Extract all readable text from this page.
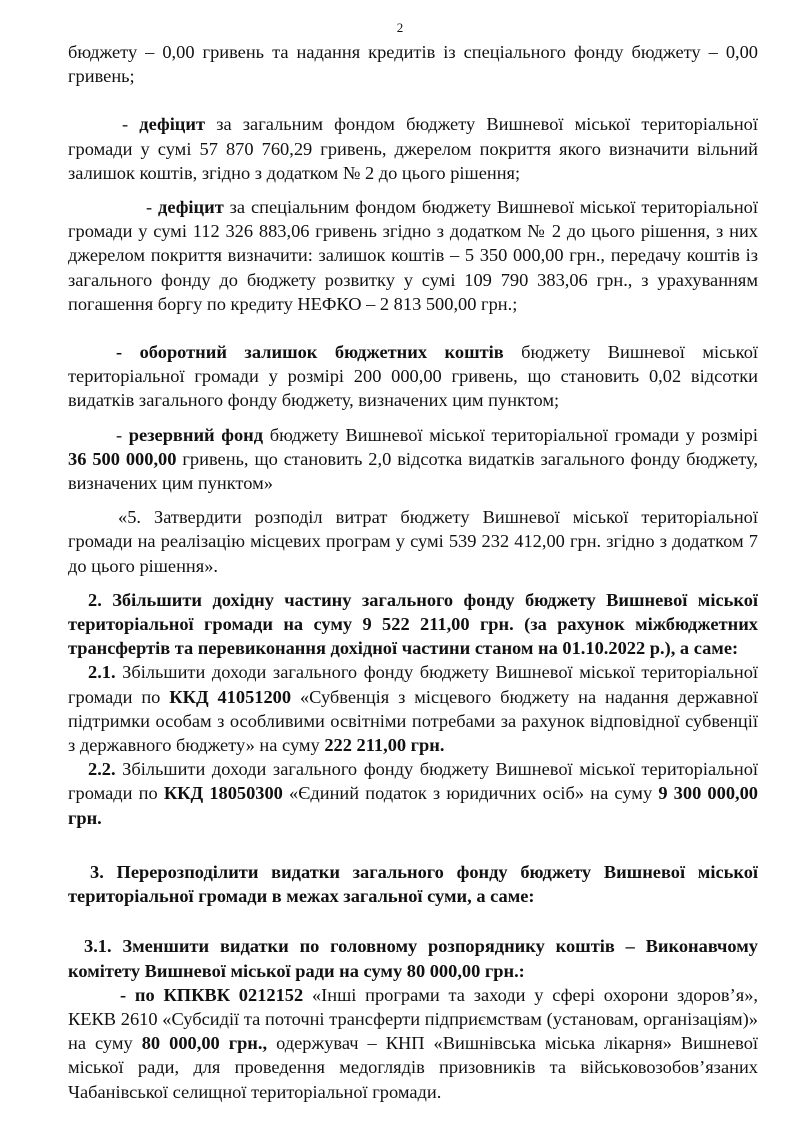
2

бюджету – 0,00 гривень та надання кредитів із спеціального фонду бюджету – 0,00 гривень;

- дефіцит за загальним фондом бюджету Вишневої міської територіальної громади у сумі 57 870 760,29 гривень, джерелом покриття якого визначити вільний залишок коштів, згідно з додатком № 2 до цього рішення;

- дефіцит за спеціальним фондом бюджету Вишневої міської територіальної громади у сумі 112 326 883,06 гривень згідно з додатком № 2 до цього рішення, з них джерелом покриття визначити: залишок коштів – 5 350 000,00 грн., передачу коштів із загального фонду до бюджету розвитку у сумі 109 790 383,06 грн., з урахуванням погашення боргу по кредиту НЕФКО – 2 813 500,00 грн.;

- оборотний залишок бюджетних коштів бюджету Вишневої міської територіальної громади у розмірі 200 000,00 гривень, що становить 0,02 відсотки видатків загального фонду бюджету, визначених цим пунктом;

- резервний фонд бюджету Вишневої міської територіальної громади у розмірі 36 500 000,00 гривень, що становить 2,0 відсотка видатків загального фонду бюджету, визначених цим пунктом»

«5. Затвердити розподіл витрат бюджету Вишневої міської територіальної громади на реалізацію місцевих програм у сумі 539 232 412,00 грн. згідно з додатком 7 до цього рішення».

2. Збільшити дохідну частину загального фонду бюджету Вишневої міської територіальної громади на суму 9 522 211,00 грн. (за рахунок міжбюджетних трансфертів та перевиконання дохідної частини станом на 01.10.2022 р.), а саме:

2.1. Збільшити доходи загального фонду бюджету Вишневої міської територіальної громади по ККД 41051200 «Субвенція з місцевого бюджету на надання державної підтримки особам з особливими освітніми потребами за рахунок відповідної субвенції з державного бюджету» на суму 222 211,00 грн.

2.2. Збільшити доходи загального фонду бюджету Вишневої міської територіальної громади по ККД 18050300 «Єдиний податок з юридичних осіб» на суму 9 300 000,00 грн.

3. Перерозподілити видатки загального фонду бюджету Вишневої міської територіальної громади в межах загальної суми, а саме:

3.1. Зменшити видатки по головному розпоряднику коштів – Виконавчому комітету Вишневої міської ради на суму 80 000,00 грн.:

- по КПКВК 0212152 «Інші програми та заходи у сфері охорони здоров’я», КЕКВ 2610 «Субсидії та поточні трансферти підприємствам (установам, організаціям)» на суму 80 000,00 грн., одержувач – КНП «Вишнівська міська лікарня» Вишневої міської ради, для проведення медоглядів призовників та військовозобов’язаних Чабанівської селищної територіальної громади.
